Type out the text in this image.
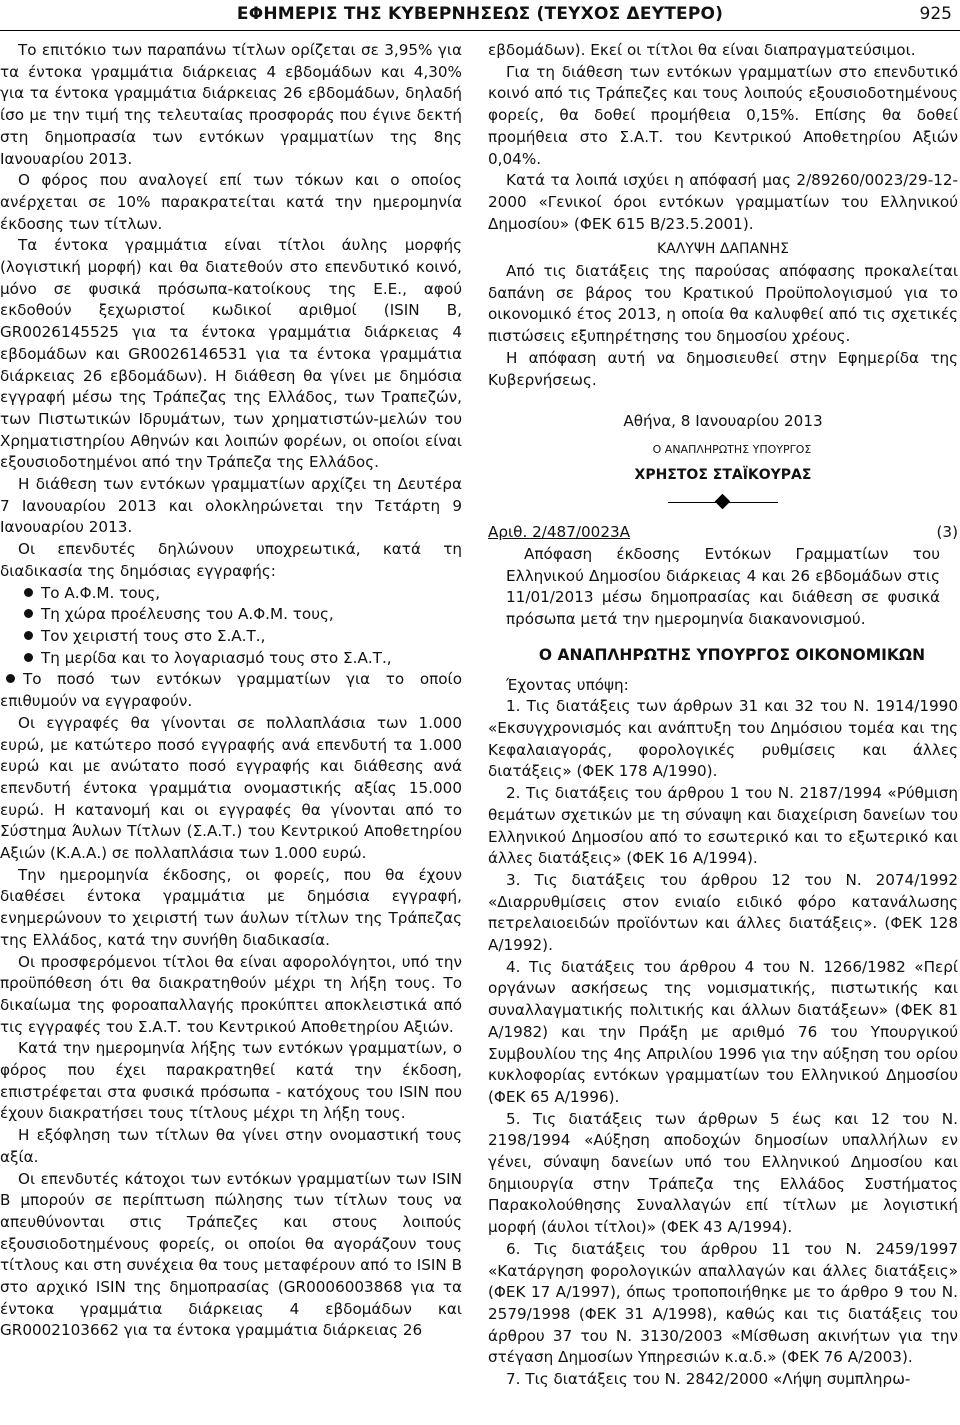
ΕΦΗΜΕΡΙΣ ΤΗΣ ΚΥΒΕΡΝΗΣΕΩΣ (ΤΕΥΧΟΣ ΔΕΥΤΕΡΟ)	925

Το επιτόκιο των παραπάνω τίτλων ορίζεται σε 3,95% για τα έντοκα γραμμάτια διάρκειας 4 εβδομάδων και 4,30% για τα έντοκα γραμμάτια διάρκειας 26 εβδομάδων, δηλαδή ίσο με την τιμή της τελευταίας προσφοράς που έγινε δεκτή στη δημοπρασία των εντόκων γραμματίων της 8ης Ιανουαρίου 2013.

Ο φόρος που αναλογεί επί των τόκων και ο οποίος ανέρχεται σε 10% παρακρατείται κατά την ημερομηνία έκδοσης των τίτλων.

Τα έντοκα γραμμάτια είναι τίτλοι άυλης μορφής (λογιστική μορφή) και θα διατεθούν στο επενδυτικό κοινό, μόνο σε φυσικά πρόσωπα-κατοίκους της Ε.Ε., αφού εκδοθούν ξεχωριστοί κωδικοί αριθμοί (ISIN B, GR0026145525 για τα έντοκα γραμμάτια διάρκειας 4 εβδομάδων και GR0026146531 για τα έντοκα γραμμάτια διάρκειας 26 εβδομάδων). Η διάθεση θα γίνει με δημόσια εγγραφή μέσω της Τράπεζας της Ελλάδος, των Τραπεζών, των Πιστωτικών Ιδρυμάτων, των χρηματιστών-μελών του Χρηματιστηρίου Αθηνών και λοιπών φορέων, οι οποίοι είναι εξουσιοδοτημένοι από την Τράπεζα της Ελλάδος.

Η διάθεση των εντόκων γραμματίων αρχίζει τη Δευτέρα 7 Ιανουαρίου 2013 και ολοκληρώνεται την Τετάρτη 9 Ιανουαρίου 2013.

Οι επενδυτές δηλώνουν υποχρεωτικά, κατά τη διαδικασία της δημόσιας εγγραφής:

Το Α.Φ.Μ. τους,
Τη χώρα προέλευσης του Α.Φ.Μ. τους,
Τον χειριστή τους στο Σ.Α.Τ.,
Τη μερίδα και το λογαριασμό τους στο Σ.Α.Τ.,
Το ποσό των εντόκων γραμματίων για το οποίο επιθυμούν να εγγραφούν.

Οι εγγραφές θα γίνονται σε πολλαπλάσια των 1.000 ευρώ, με κατώτερο ποσό εγγραφής ανά επενδυτή τα 1.000 ευρώ και με ανώτατο ποσό εγγραφής και διάθεσης ανά επενδυτή έντοκα γραμμάτια ονομαστικής αξίας 15.000 ευρώ. Η κατανομή και οι εγγραφές θα γίνονται από το Σύστημα Άυλων Τίτλων (Σ.Α.Τ.) του Κεντρικού Αποθετηρίου Αξιών (Κ.Α.Α.) σε πολλαπλάσια των 1.000 ευρώ.

Την ημερομηνία έκδοσης, οι φορείς, που θα έχουν διαθέσει έντοκα γραμμάτια με δημόσια εγγραφή, ενημερώνουν το χειριστή των άυλων τίτλων της Τράπεζας της Ελλάδος, κατά την συνήθη διαδικασία.

Οι προσφερόμενοι τίτλοι θα είναι αφορολόγητοι, υπό την προϋπόθεση ότι θα διακρατηθούν μέχρι τη λήξη τους. Το δικαίωμα της φοροαπαλλαγής προκύπτει αποκλειστικά από τις εγγραφές του Σ.Α.Τ. του Κεντρικού Αποθετηρίου Αξιών.

Κατά την ημερομηνία λήξης των εντόκων γραμματίων, ο φόρος που έχει παρακρατηθεί κατά την έκδοση, επιστρέφεται στα φυσικά πρόσωπα - κατόχους του ISIN που έχουν διακρατήσει τους τίτλους μέχρι τη λήξη τους.

Η εξόφληση των τίτλων θα γίνει στην ονομαστική τους αξία.

Οι επενδυτές κάτοχοι των εντόκων γραμματίων των ISIN B μπορούν σε περίπτωση πώλησης των τίτλων τους να απευθύνονται στις Τράπεζες και στους λοιπούς εξουσιοδοτημένους φορείς, οι οποίοι θα αγοράζουν τους τίτλους και στη συνέχεια θα τους μεταφέρουν από το ISIN B στο αρχικό ISIN της δημοπρασίας (GR0006003868 για τα έντοκα γραμμάτια διάρκειας 4 εβδομάδων και GR0002103662 για τα έντοκα γραμμάτια διάρκειας 26

εβδομάδων). Εκεί οι τίτλοι θα είναι διαπραγματεύσιμοι.

Για τη διάθεση των εντόκων γραμματίων στο επενδυτικό κοινό από τις Τράπεζες και τους λοιπούς εξουσιοδοτημένους φορείς, θα δοθεί προμήθεια 0,15%. Επίσης θα δοθεί προμήθεια στο Σ.Α.Τ. του Κεντρικού Αποθετηρίου Αξιών 0,04%.

Κατά τα λοιπά ισχύει η απόφασή μας 2/89260/0023/29-12-2000 «Γενικοί όροι εντόκων γραμματίων του Ελληνικού Δημοσίου» (ΦΕΚ 615 Β/23.5.2001).

ΚΑΛΥΨΗ ΔΑΠΑΝΗΣ

Από τις διατάξεις της παρούσας απόφασης προκαλείται δαπάνη σε βάρος του Κρατικού Προϋπολογισμού για το οικονομικό έτος 2013, η οποία θα καλυφθεί από τις σχετικές πιστώσεις εξυπηρέτησης του δημοσίου χρέους.

Η απόφαση αυτή να δημοσιευθεί στην Εφημερίδα της Κυβερνήσεως.

Αθήνα, 8 Ιανουαρίου 2013

Ο ΑΝΑΠΛΗΡΩΤΗΣ ΥΠΟΥΡΓΟΣ

ΧΡΗΣΤΟΣ ΣΤΑΪΚΟΥΡΑΣ

Αριθ. 2/487/0023Α	(3)

Απόφαση έκδοσης Εντόκων Γραμματίων του Ελληνικού Δημοσίου διάρκειας 4 και 26 εβδομάδων στις 11/01/2013 μέσω δημοπρασίας και διάθεση σε φυσικά πρόσωπα μετά την ημερομηνία διακανονισμού.

Ο ΑΝΑΠΛΗΡΩΤΗΣ ΥΠΟΥΡΓΟΣ ΟΙΚΟΝΟΜΙΚΩΝ

Έχοντας υπόψη:

1. Τις διατάξεις των άρθρων 31 και 32 του Ν. 1914/1990 «Εκσυγχρονισμός και ανάπτυξη του Δημόσιου τομέα και της Κεφαλαιαγοράς, φορολογικές ρυθμίσεις και άλλες διατάξεις» (ΦΕΚ 178 Α/1990).

2. Τις διατάξεις του άρθρου 1 του Ν. 2187/1994 «Ρύθμιση θεμάτων σχετικών με τη σύναψη και διαχείριση δανείων του Ελληνικού Δημοσίου από το εσωτερικό και το εξωτερικό και άλλες διατάξεις» (ΦΕΚ 16 Α/1994).

3. Τις διατάξεις του άρθρου 12 του Ν. 2074/1992 «Διαρρυθμίσεις στον ενιαίο ειδικό φόρο κατανάλωσης πετρελαιοειδών προϊόντων και άλλες διατάξεις». (ΦΕΚ 128 Α/1992).

4. Τις διατάξεις του άρθρου 4 του Ν. 1266/1982 «Περί οργάνων ασκήσεως της νομισματικής, πιστωτικής και συναλλαγματικής πολιτικής και άλλων διατάξεων» (ΦΕΚ 81 Α/1982) και την Πράξη με αριθμό 76 του Υπουργικού Συμβουλίου της 4ης Απριλίου 1996 για την αύξηση του ορίου κυκλοφορίας εντόκων γραμματίων του Ελληνικού Δημοσίου (ΦΕΚ 65 Α/1996).

5. Τις διατάξεις των άρθρων 5 έως και 12 του Ν. 2198/1994 «Αύξηση αποδοχών δημοσίων υπαλλήλων εν γένει, σύναψη δανείων υπό του Ελληνικού Δημοσίου και δημιουργία στην Τράπεζα της Ελλάδος Συστήματος Παρακολούθησης Συναλλαγών επί τίτλων με λογιστική μορφή (άυλοι τίτλοι)» (ΦΕΚ 43 Α/1994).

6. Τις διατάξεις του άρθρου 11 του Ν. 2459/1997 «Κατάργηση φορολογικών απαλλαγών και άλλες διατάξεις» (ΦΕΚ 17 Α/1997), όπως τροποποιήθηκε με το άρθρο 9 του Ν. 2579/1998 (ΦΕΚ 31 Α/1998), καθώς και τις διατάξεις του άρθρου 37 του Ν. 3130/2003 «Μίσθωση ακινήτων για την στέγαση Δημοσίων Υπηρεσιών κ.α.δ.» (ΦΕΚ 76 Α/2003).

7. Τις διατάξεις του Ν. 2842/2000 «Λήψη συμπληρω-
